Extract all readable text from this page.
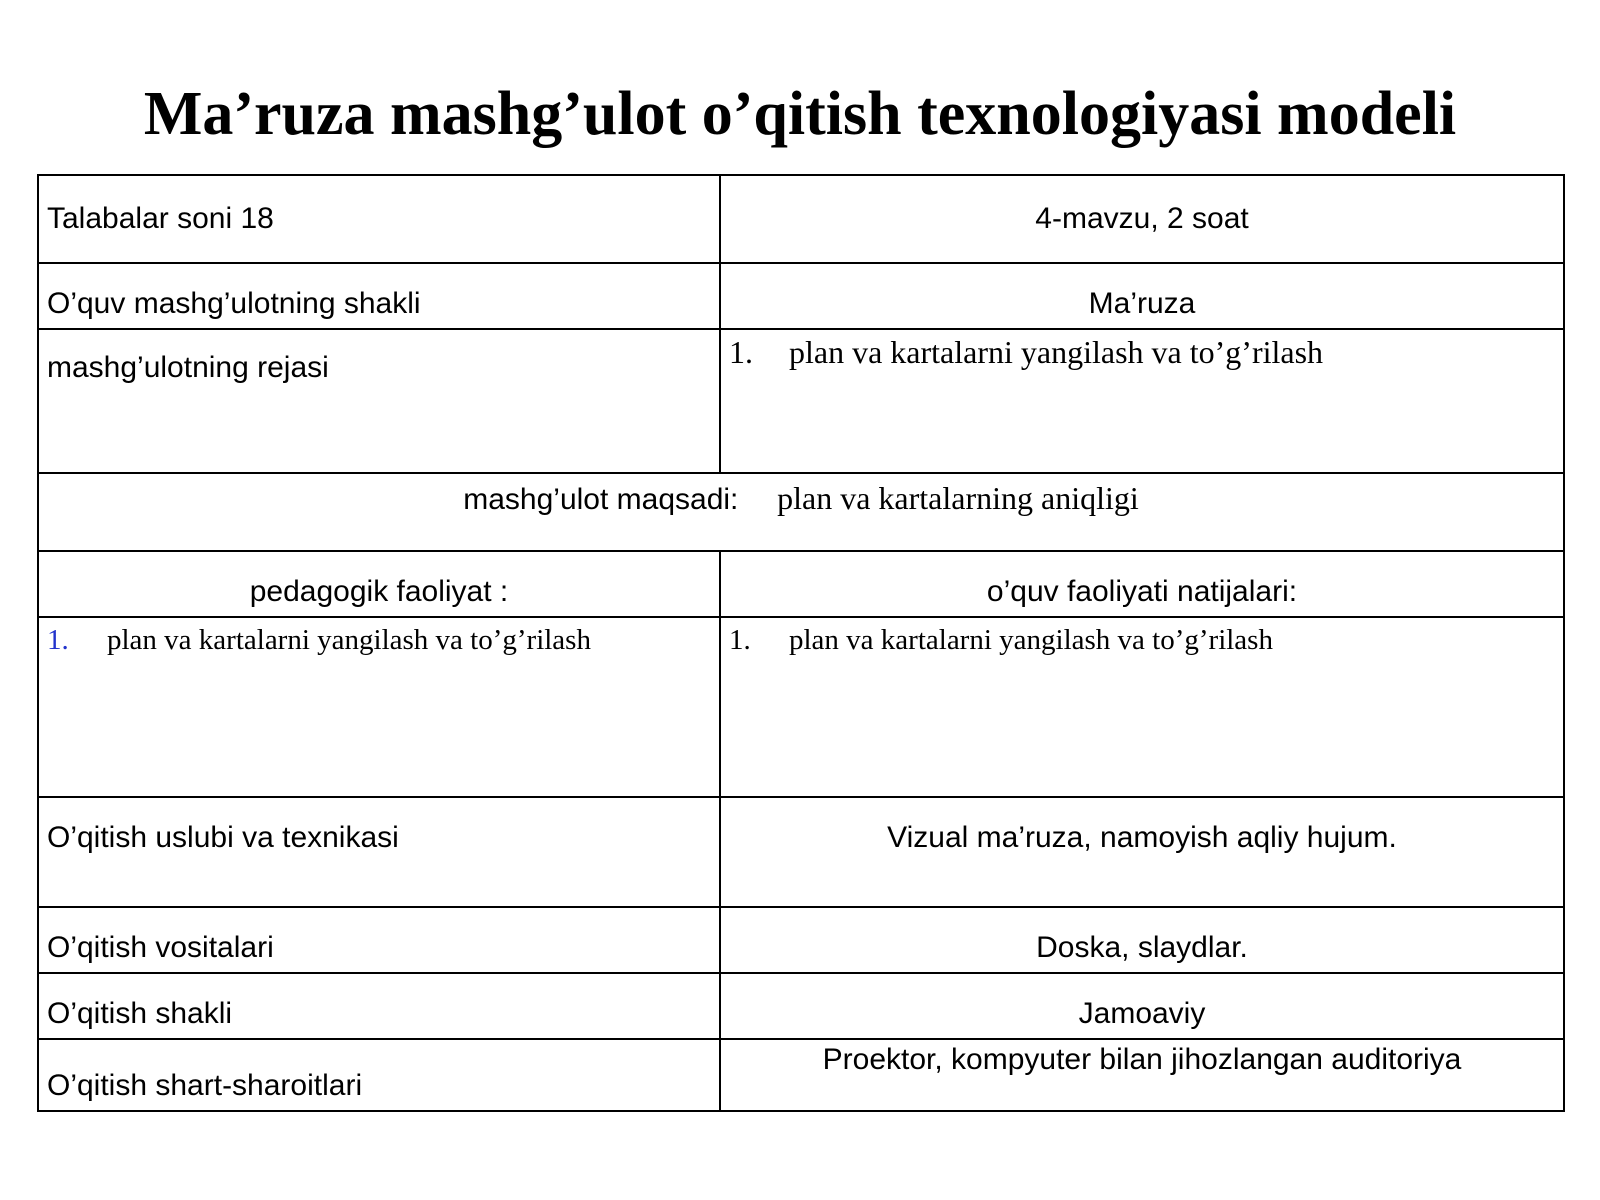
Ma’ruza mashg’ulot o’qitish texnologiyasi modeli
Talabalar soni 18	4-mavzu, 2 soat
O’quv mashg’ulotning shakli	Ma’ruza
mashg’ulotning rejasi	1. plan va kartalarni yangilash va to’g’rilash

mashg’ulot maqsadi: plan va kartalarning aniqligi	
pedagogik faoliyat :	o’quv faoliyati natijalari:

1. plan va kartalarni yangilash va to’g’rilash	1. plan va kartalarni yangilash va to’g’rilash

O’qitish uslubi va texnikasi	Vizual ma’ruza, namoyish aqliy hujum.
O’qitish vositalari	Doska, slaydlar.
O’qitish shakli	Jamoaviy
O’qitish shart-sharoitlari	Proektor, kompyuter bilan jihozlangan auditoriya
